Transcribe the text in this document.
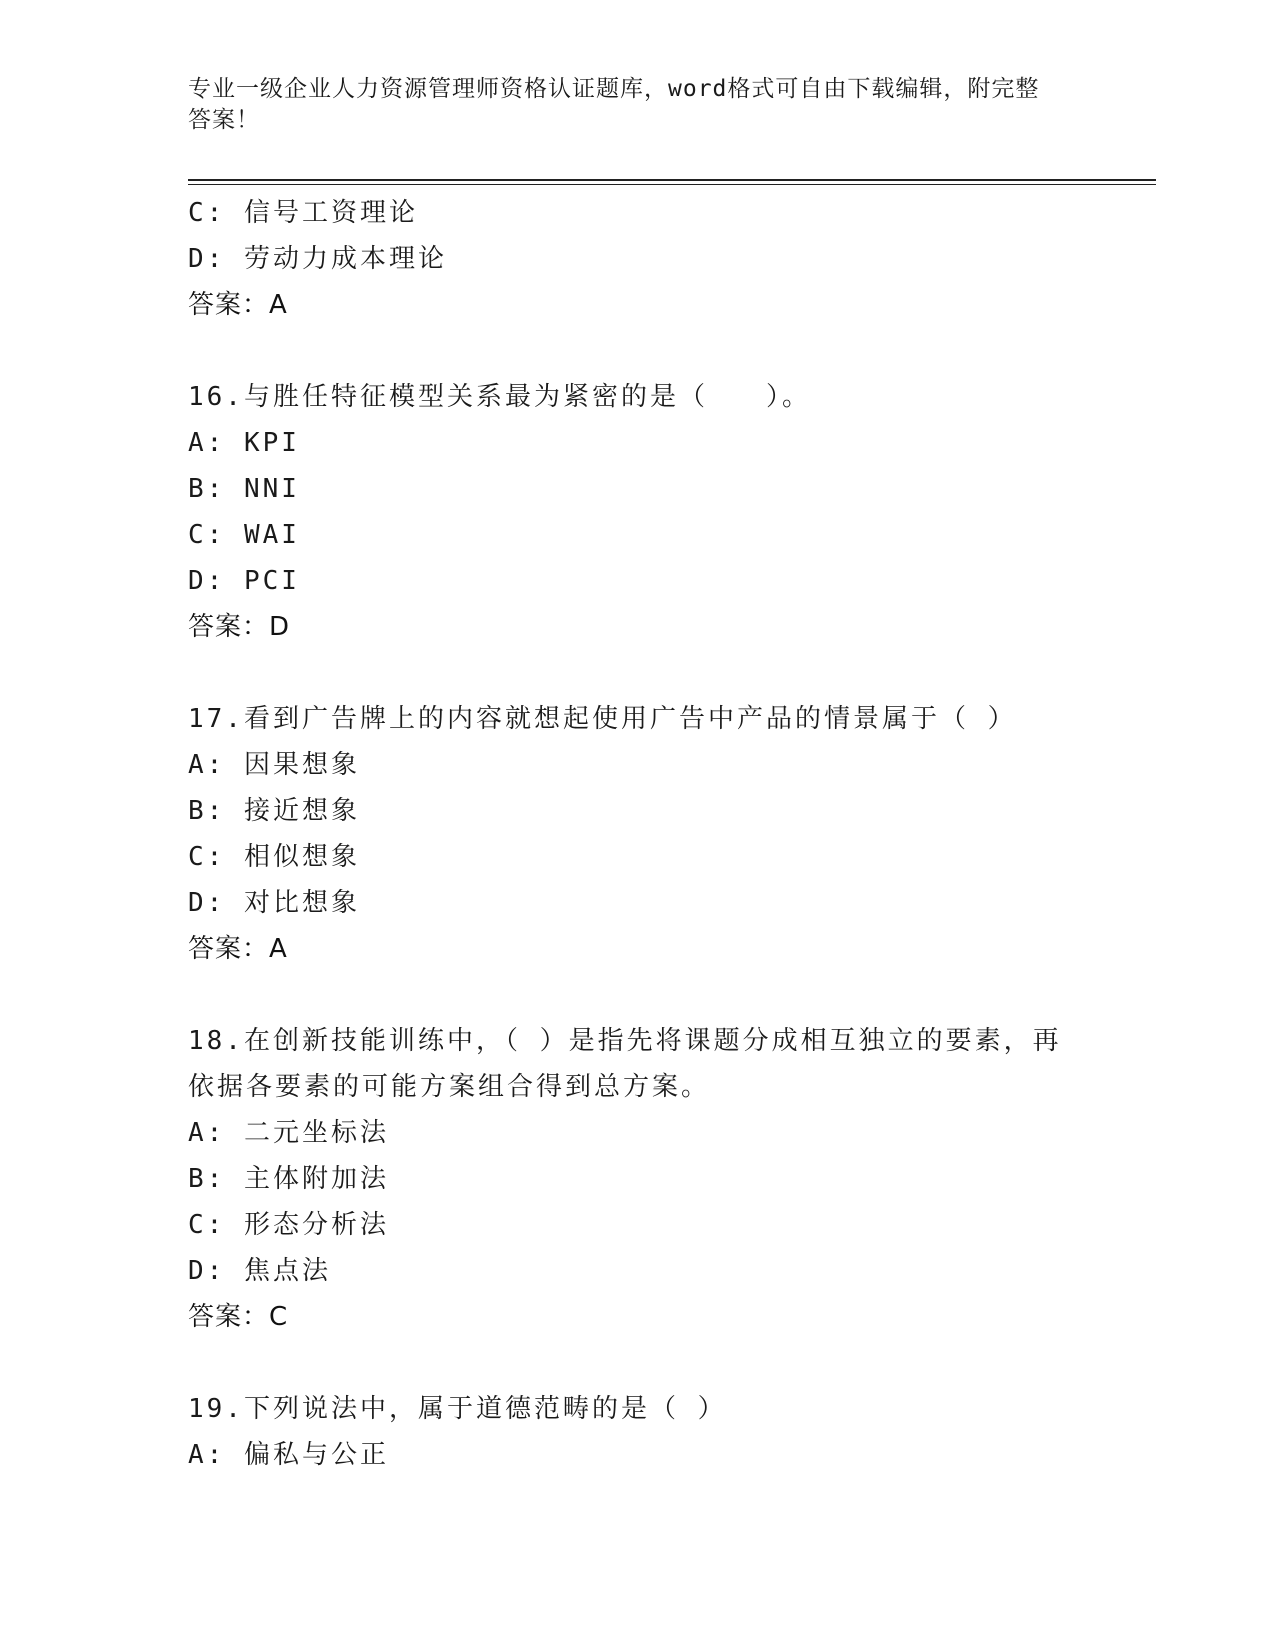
专业一级企业人力资源管理师资格认证题库，word格式可自由下载编辑，附完整
答案！
C: 信号工资理论
D: 劳动力成本理论
答案：A
16.与胜任特征模型关系最为紧密的是（　　）。
A: KPI
B: NNI
C: WAI
D: PCI
答案：D
17.看到广告牌上的内容就想起使用广告中产品的情景属于（ ）
A: 因果想象
B: 接近想象
C: 相似想象
D: 对比想象
答案：A
18.在创新技能训练中，（ ）是指先将课题分成相互独立的要素，再
依据各要素的可能方案组合得到总方案。
A: 二元坐标法
B: 主体附加法
C: 形态分析法
D: 焦点法
答案：C
19.下列说法中，属于道德范畴的是（ ）
A: 偏私与公正
